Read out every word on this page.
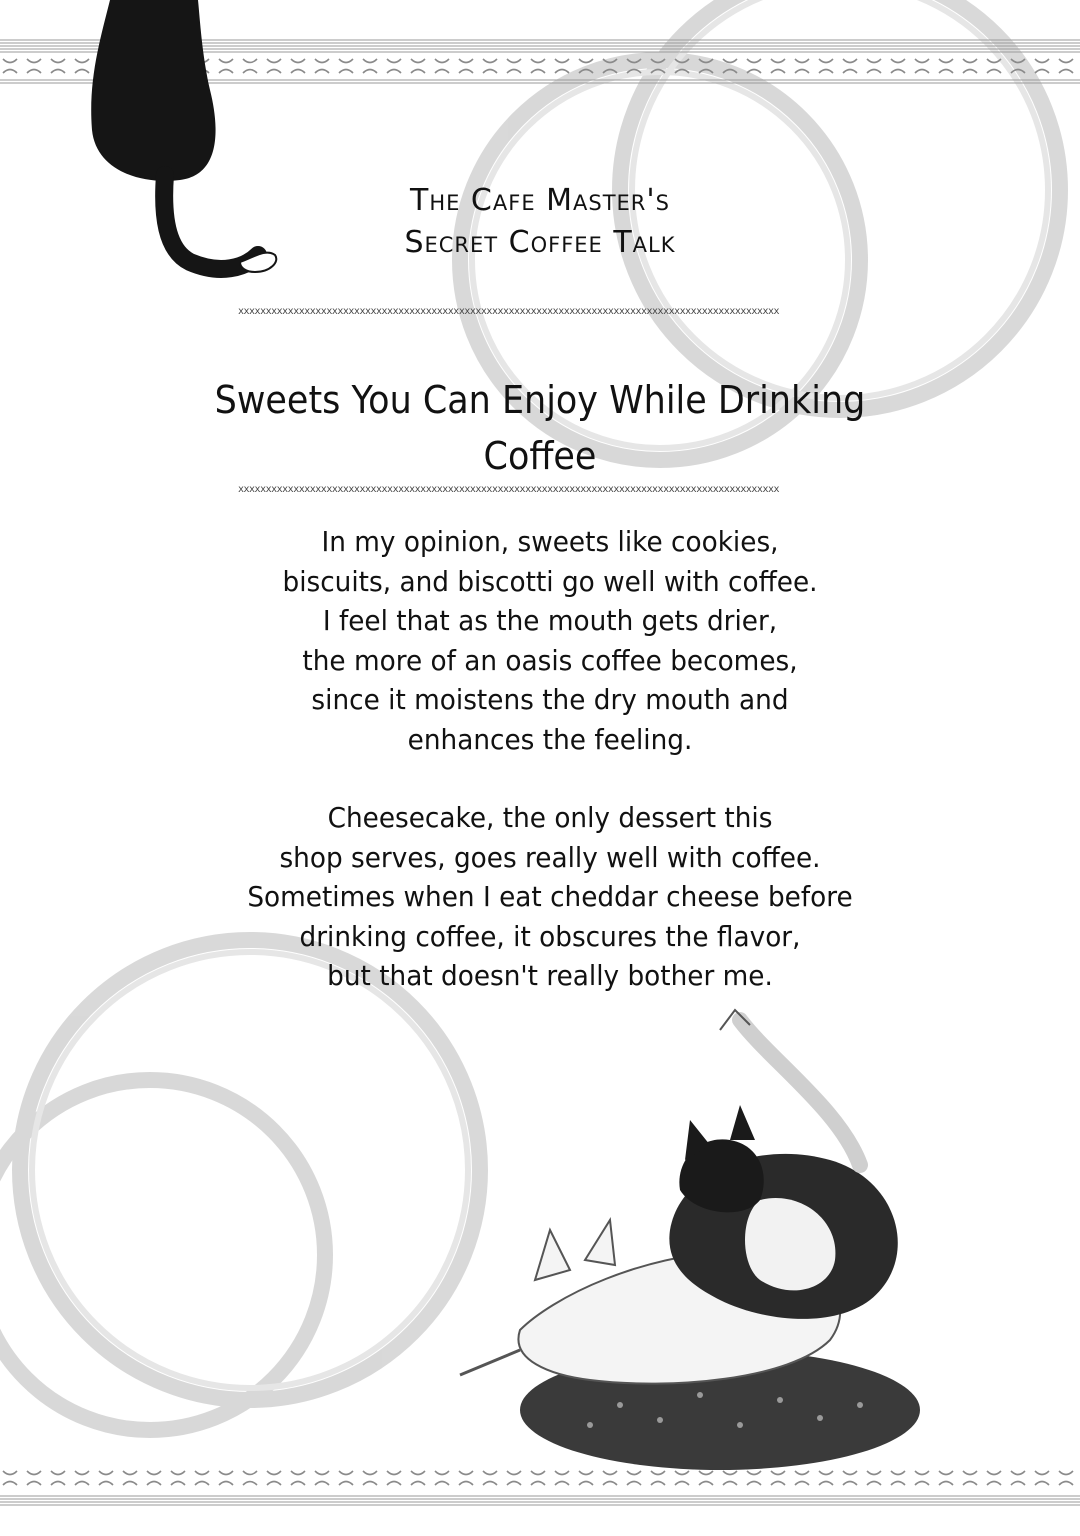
The Cafe Master's
Secret Coffee Talk
xxxxxxxxxxxxxxxxxxxxxxxxxxxxxxxxxxxxxxxxxxxxxxxxxxxxxxxxxxxxxxxxxxxxxxxxxxxxxxxxxxxxxxxxxxxxxxxxxx
Sweets You Can Enjoy While Drinking Coffee
xxxxxxxxxxxxxxxxxxxxxxxxxxxxxxxxxxxxxxxxxxxxxxxxxxxxxxxxxxxxxxxxxxxxxxxxxxxxxxxxxxxxxxxxxxxxxxxxxx
In my opinion, sweets like cookies,
biscuits, and biscotti go well with coffee.
I feel that as the mouth gets drier,
the more of an oasis coffee becomes,
since it moistens the dry mouth and
enhances the feeling.
Cheesecake, the only dessert this
shop serves, goes really well with coffee.
Sometimes when I eat cheddar cheese before
drinking coffee, it obscures the flavor,
but that doesn't really bother me.
